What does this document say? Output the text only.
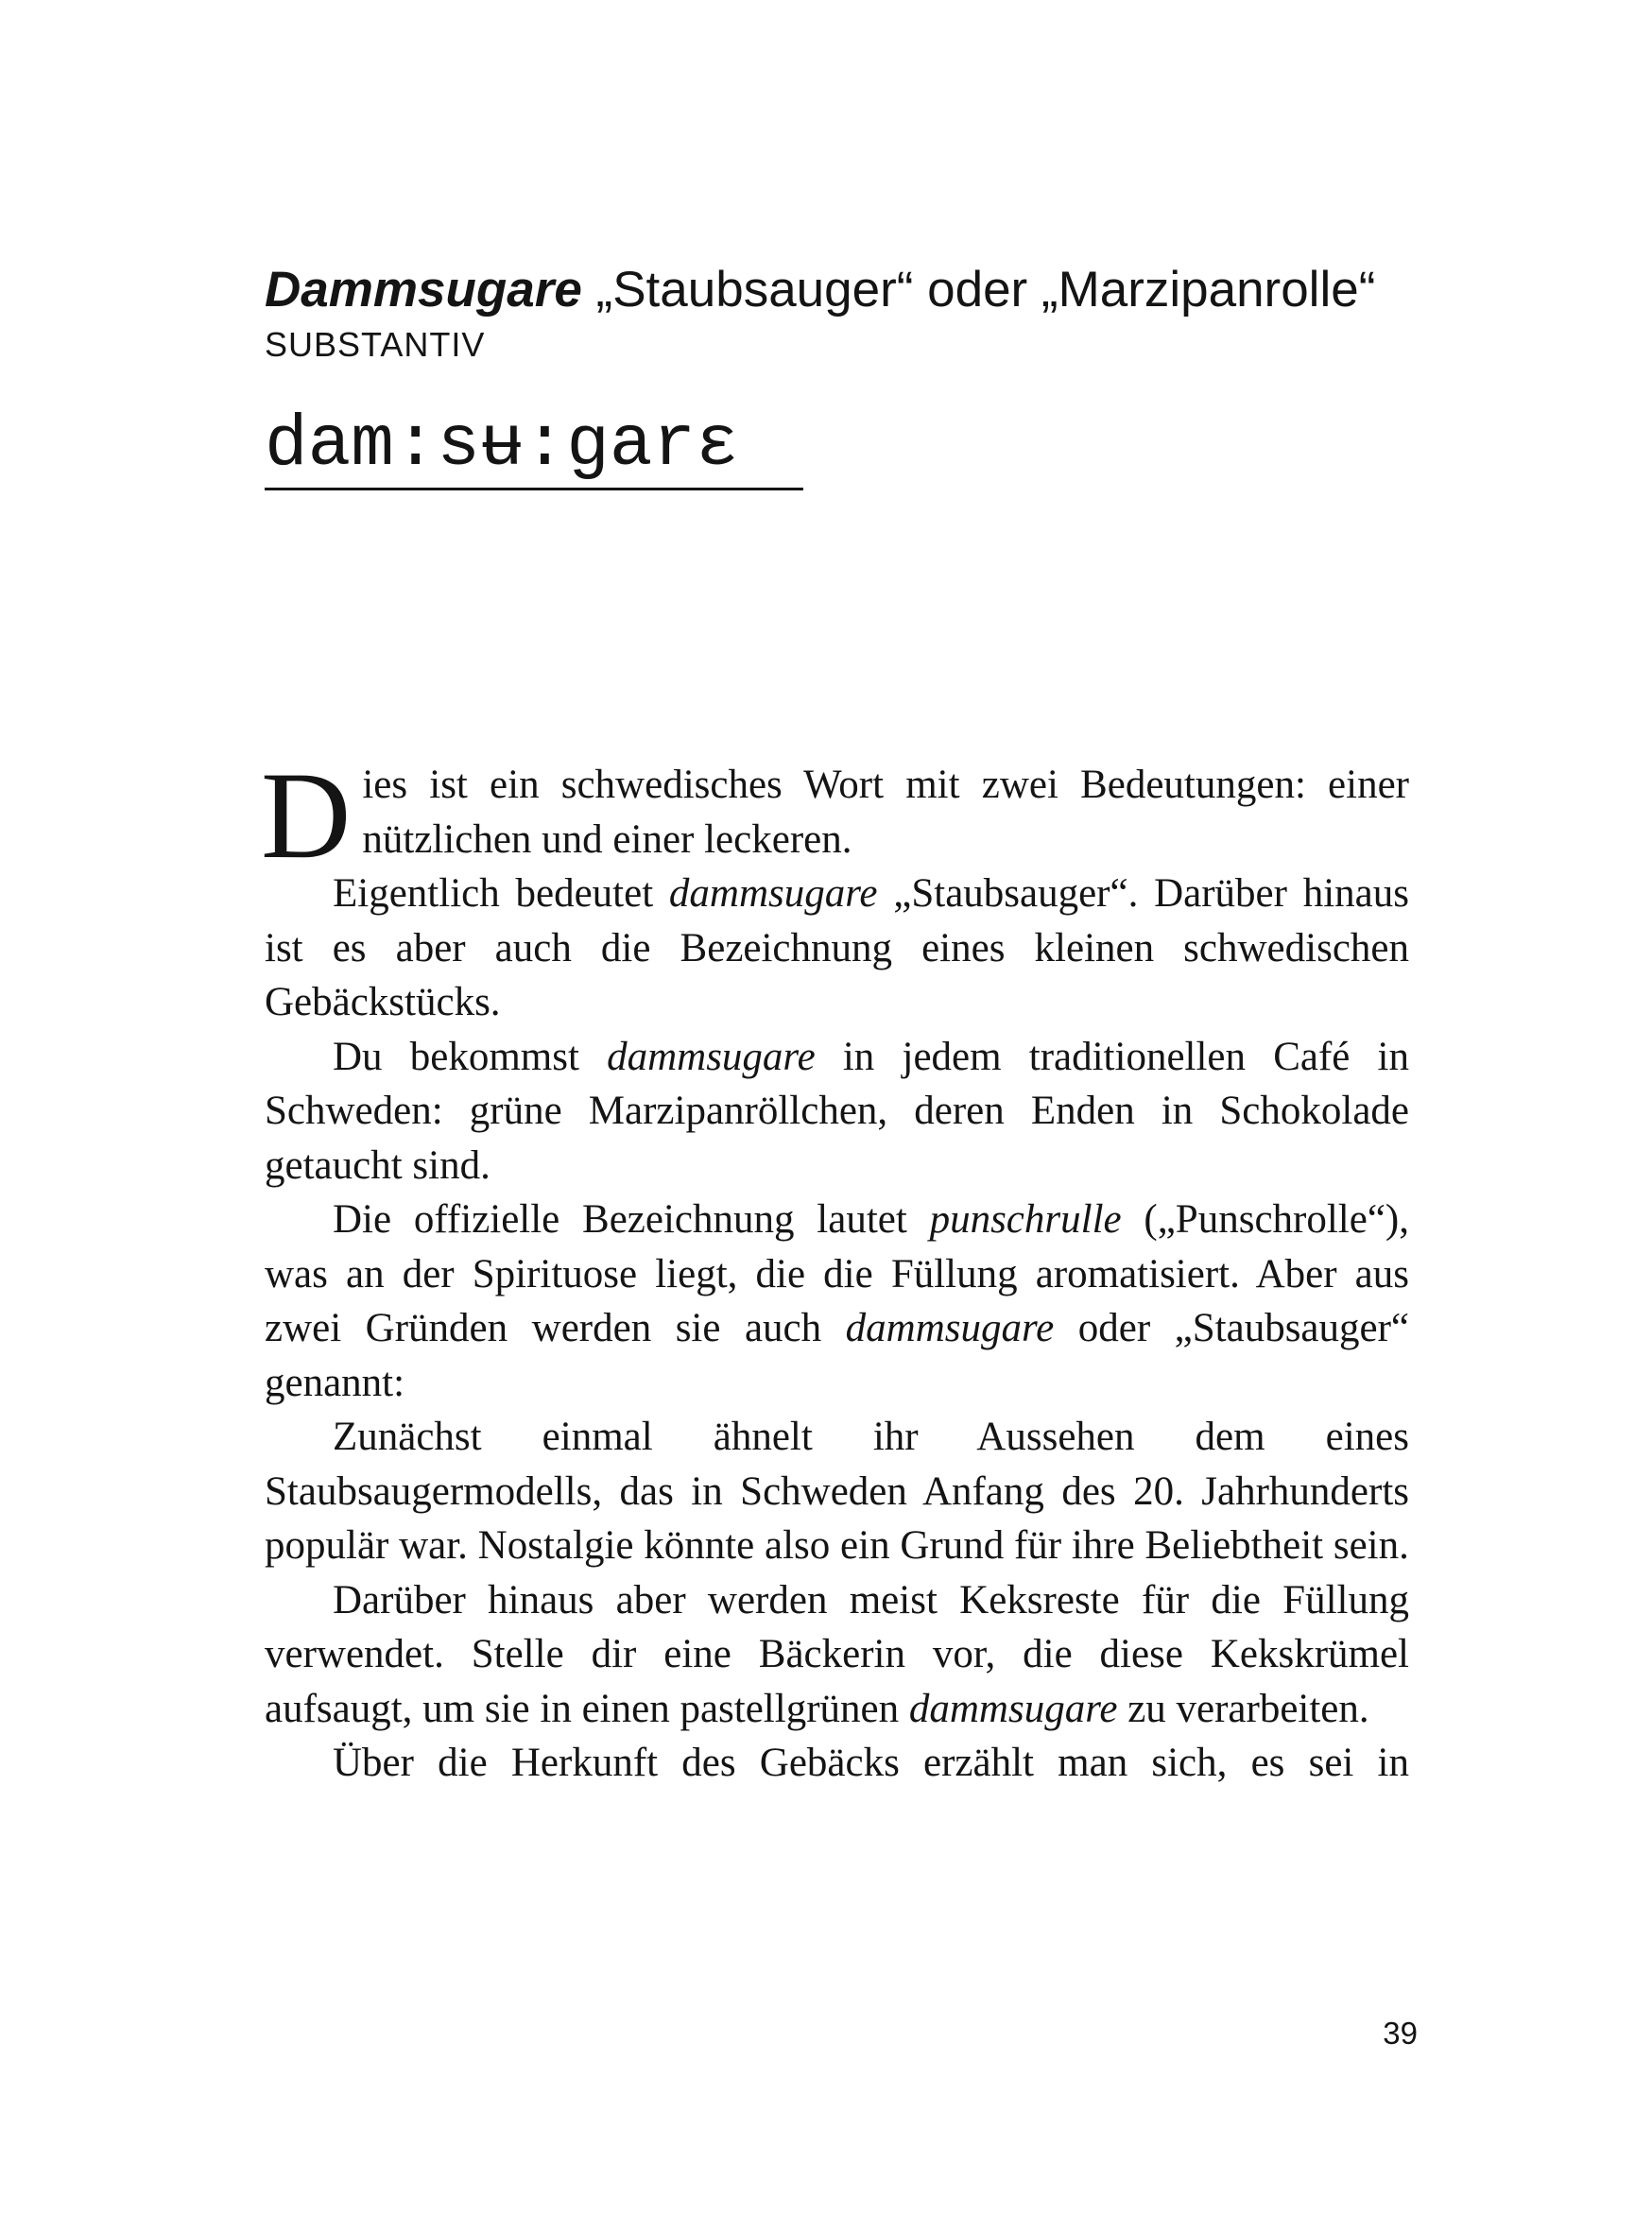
Dammsugare „Staubsauger“ oder „Marzipanrolle“
SUBSTANTIV
dam:sʉ:garɛ

Dies ist ein schwedisches Wort mit zwei Bedeutungen: einer nützlichen und einer leckeren.

Eigentlich bedeutet dammsugare „Staubsauger“. Darüber hinaus ist es aber auch die Bezeichnung eines kleinen schwedischen Gebäckstücks.

Du bekommst dammsugare in jedem traditionellen Café in Schweden: grüne Marzipanröllchen, deren Enden in Schokolade getaucht sind.

Die offizielle Bezeichnung lautet punschrulle („Punschrolle“), was an der Spirituose liegt, die die Füllung aromatisiert. Aber aus zwei Gründen werden sie auch dammsugare oder „Staubsauger“ genannt:

Zunächst einmal ähnelt ihr Aussehen dem eines Staubsaugermodells, das in Schweden Anfang des 20. Jahrhunderts populär war. Nostalgie könnte also ein Grund für ihre Beliebtheit sein.

Darüber hinaus aber werden meist Keksreste für die Füllung verwendet. Stelle dir eine Bäckerin vor, die diese Kekskrümel aufsaugt, um sie in einen pastellgrünen dammsugare zu verarbeiten.

Über die Herkunft des Gebäcks erzählt man sich, es sei in

39
